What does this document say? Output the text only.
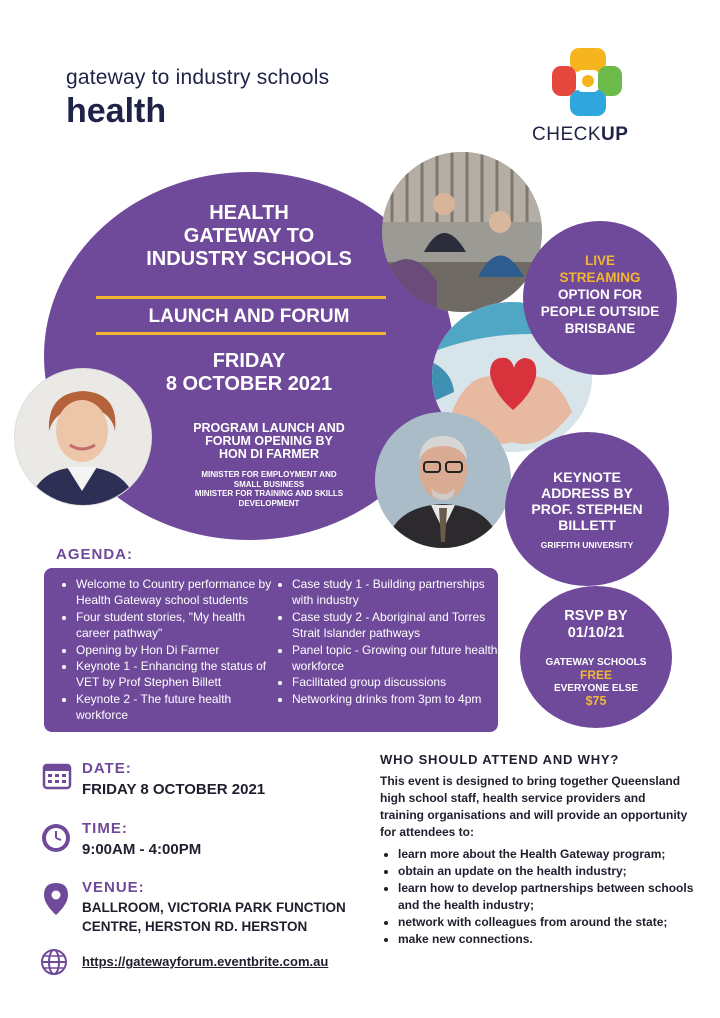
gateway to industry schools
health
CHECKUP
HEALTH
GATEWAY TO
INDUSTRY SCHOOLS
LAUNCH AND FORUM
FRIDAY
8 OCTOBER 2021
PROGRAM LAUNCH AND
FORUM OPENING BY
HON DI FARMER
MINISTER FOR EMPLOYMENT AND
SMALL BUSINESS
MINISTER FOR TRAINING AND SKILLS
DEVELOPMENT
LIVE
STREAMING
OPTION FOR
PEOPLE OUTSIDE
BRISBANE
KEYNOTE
ADDRESS BY
PROF. STEPHEN
BILLETT
GRIFFITH UNIVERSITY
RSVP BY
01/10/21
GATEWAY SCHOOLS
FREE
EVERYONE ELSE
$75
AGENDA:
• Welcome to Country performance by Health Gateway school students
• Four student stories, "My health career pathway"
• Opening by Hon Di Farmer
• Keynote 1 - Enhancing the status of VET by Prof Stephen Billett
• Keynote 2 - The future health workforce
• Case study 1 - Building partnerships with industry
• Case study 2 - Aboriginal and Torres Strait Islander pathways
• Panel topic - Growing our future health workforce
• Facilitated group discussions
• Networking drinks from 3pm to 4pm
DATE:
FRIDAY 8 OCTOBER 2021
TIME:
9:00AM - 4:00PM
VENUE:
BALLROOM, VICTORIA PARK FUNCTION
CENTRE, HERSTON RD. HERSTON
https://gatewayforum.eventbrite.com.au
WHO SHOULD ATTEND AND WHY?
This event is designed to bring together Queensland high school staff, health service providers and training organisations and will provide an opportunity for attendees to:
• learn more about the Health Gateway program;
• obtain an update on the health industry;
• learn how to develop partnerships between schools and the health industry;
• network with colleagues from around the state;
• make new connections.
